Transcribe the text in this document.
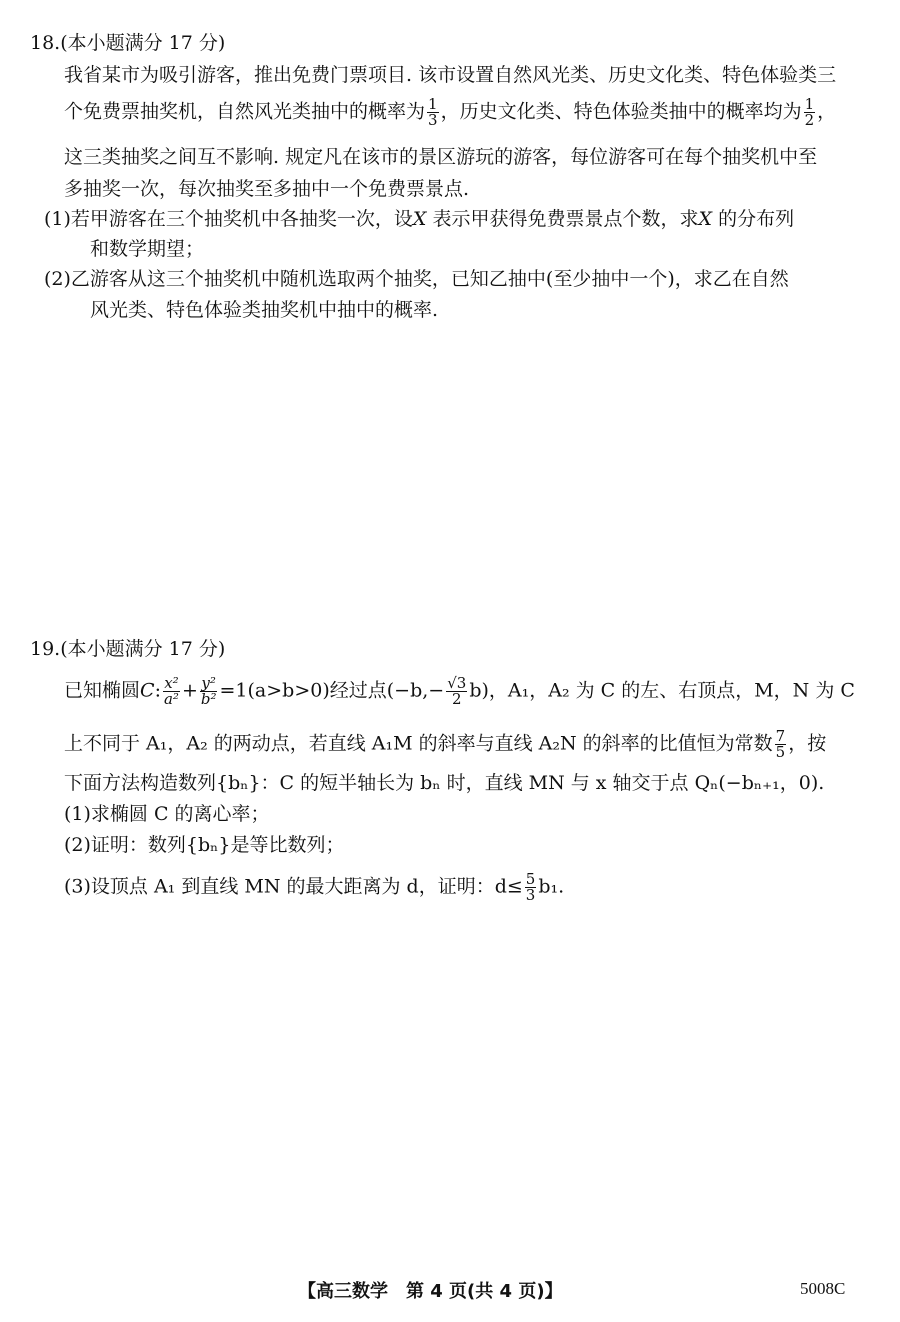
18.(本小题满分 17 分)
我省某市为吸引游客，推出免费门票项目. 该市设置自然风光类、历史文化类、特色体验类三
个免费票抽奖机，自然风光类抽中的概率为 $\frac{1}{3}$ ，历史文化类、特色体验类抽中的概率均为 $\frac{1}{2}$ ，
这三类抽奖之间互不影响. 规定凡在该市的景区游玩的游客，每位游客可在每个抽奖机中至
多抽奖一次，每次抽奖至多抽中一个免费票景点.
(1)若甲游客在三个抽奖机中各抽奖一次，设X 表示甲获得免费票景点个数，求X 的分布列
和数学期望；
(2)乙游客从这三个抽奖机中随机选取两个抽奖，已知乙抽中(至少抽中一个)，求乙在自然
风光类、特色体验类抽奖机中抽中的概率.
19.(本小题满分 17 分)
已知椭圆C: $\frac{\text{x²}}{\text{a²}} + \frac{\text{y²}}{\text{b²}} =1(a>b>0)$经过点$(-b,- \frac{√3}{2} b)$，A₁，A₂ 为 C 的左、右顶点，M，N 为 C
上不同于 A₁，A₂ 的两动点，若直线 A₁M 的斜率与直线 A₂N 的斜率的比值恒为常数 $\frac{7}{5}$ ，按
下面方法构造数列{bₙ}：C 的短半轴长为 bₙ 时，直线 MN 与 x 轴交于点 Qₙ(−bₙ₊₁，0).
(1)求椭圆 C 的离心率；
(2)证明：数列{bₙ}是等比数列；
(3)设顶点 A₁ 到直线 MN 的最大距离为 d，证明：$d\le \frac{5}{3} b_1$.
【高三数学　第 4 页(共 4 页)】	5008C
